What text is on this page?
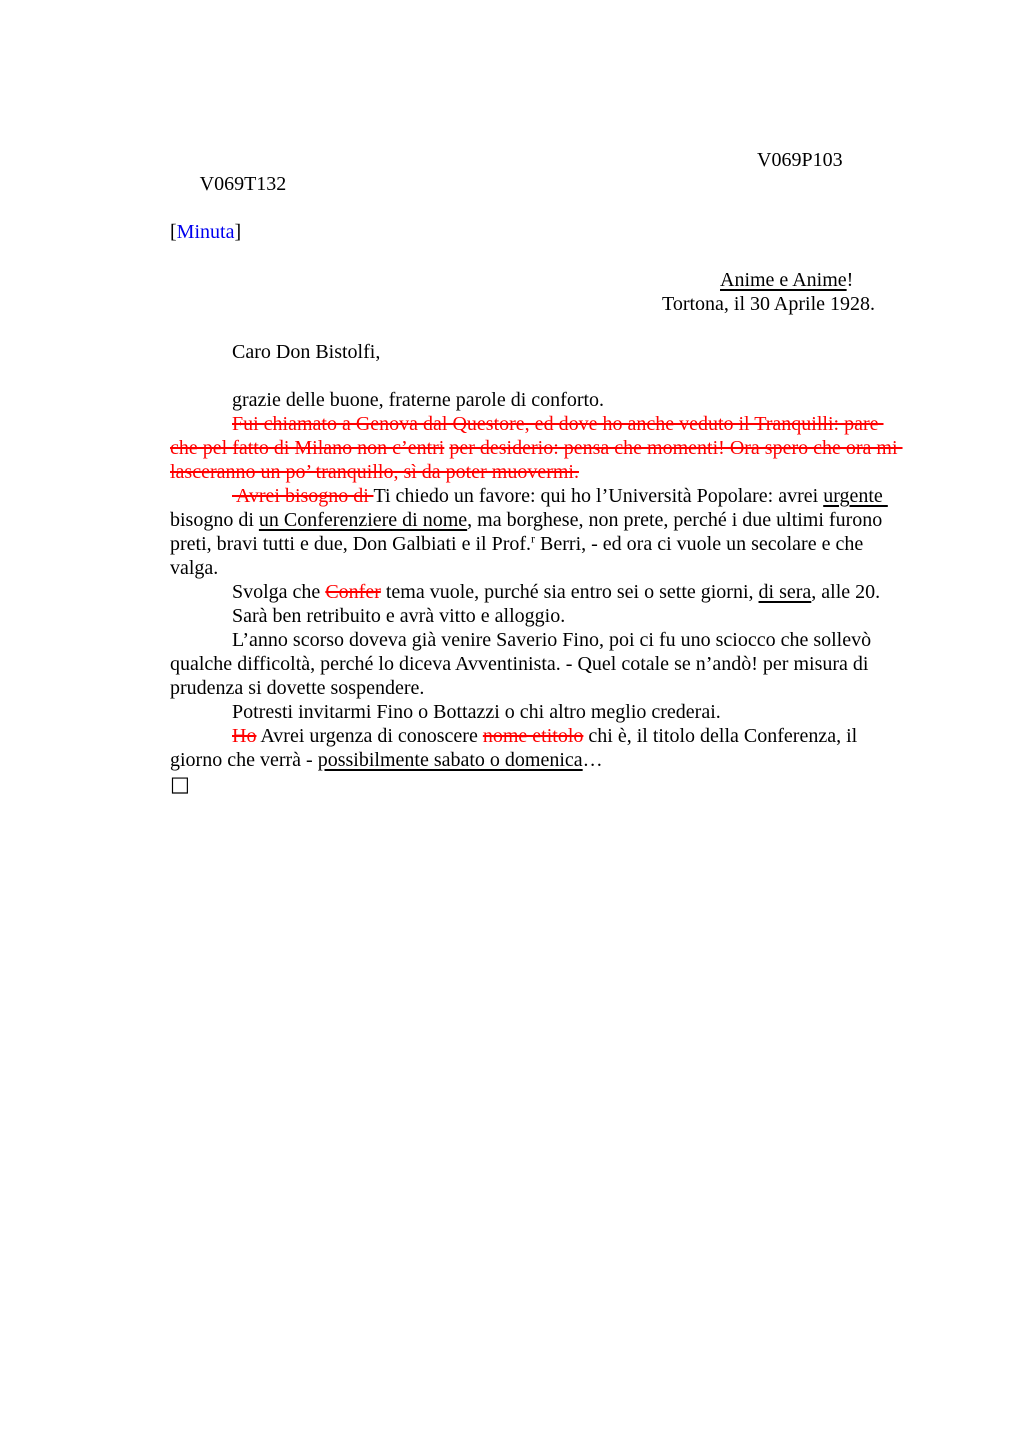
V069T132

V069P103

[Minuta]
Anime e Anime!
Tortona, il 30 Aprile 1928.
Caro Don Bistolfi,
grazie delle buone, fraterne parole di conforto.
Fui chiamato a Genova dal Questore, ed dove ho anche veduto il Tranquilli: pare
che pel fatto di Milano non c’entri per desiderio: pensa che momenti! Ora spero che ora mi
lasceranno un po’ tranquillo, sì da poter muovermi.
Avrei bisogno di Ti chiedo un favore: qui ho l’Università Popolare: avrei urgente
bisogno di un Conferenziere di nome, ma borghese, non prete, perché i due ultimi furono
preti, bravi tutti e due, Don Galbiati e il Prof.$^r$ Berri, - ed ora ci vuole un secolare e che
valga.
Svolga che Confer tema vuole, purché sia entro sei o sette giorni, di sera, alle 20.
Sarà ben retribuito e avrà vitto e alloggio.
L’anno scorso doveva già venire Saverio Fino, poi ci fu uno sciocco che sollevò
qualche difficoltà, perché lo diceva Avventinista. - Quel cotale se n’andò! per misura di
prudenza si dovette sospendere.
Potresti invitarmi Fino o Bottazzi o chi altro meglio crederai.
Ho Avrei urgenza di conoscere nome etitolo chi è, il titolo della Conferenza, il
giorno che verrà - possibilmente sabato o domenica…
□
